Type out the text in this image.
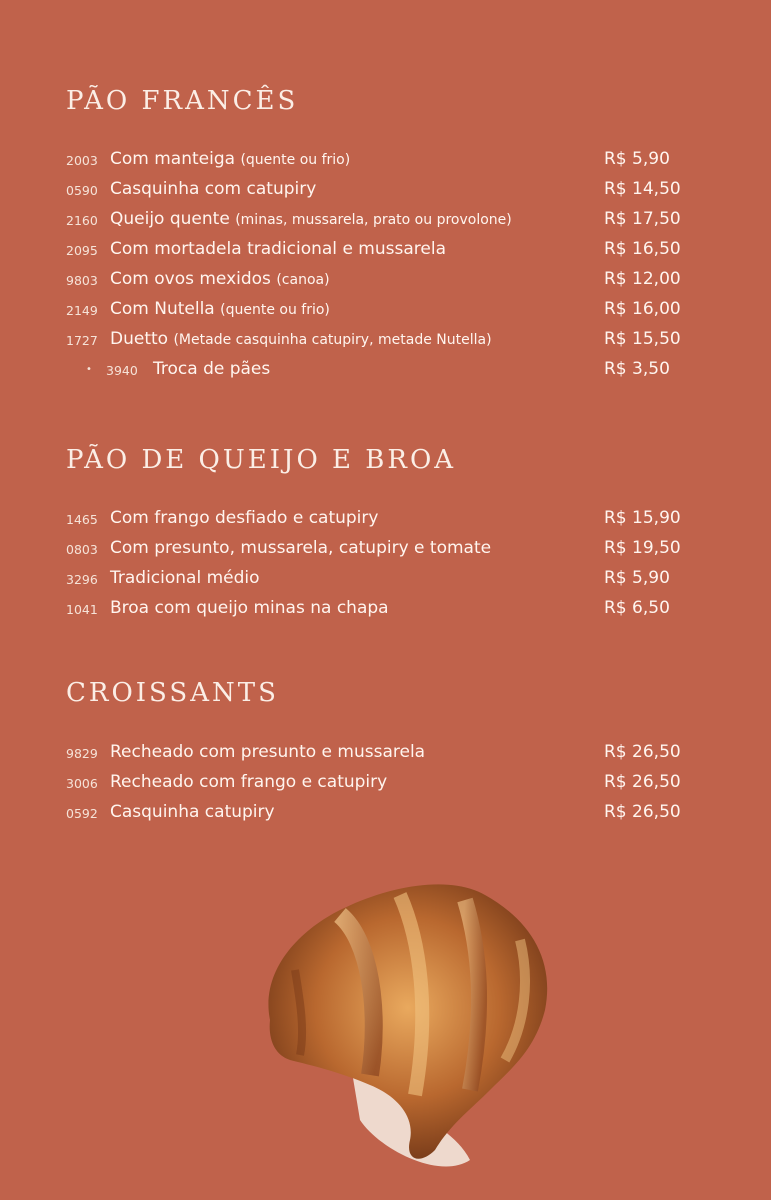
PÃO FRANCÊS
2003 Com manteiga (quente ou frio)	R$ 5,90
0590 Casquinha com catupiry	R$ 14,50
2160 Queijo quente (minas, mussarela, prato ou provolone)	R$ 17,50
2095 Com mortadela tradicional e mussarela	R$ 16,50
9803 Com ovos mexidos (canoa)	R$ 12,00
2149 Com Nutella (quente ou frio)	R$ 16,00
1727 Duetto (Metade casquinha catupiry, metade Nutella)	R$ 15,50
• 3940 Troca de pães	R$ 3,50
PÃO DE QUEIJO E BROA
1465 Com frango desfiado e catupiry	R$ 15,90
0803 Com presunto, mussarela, catupiry e tomate	R$ 19,50
3296 Tradicional médio	R$ 5,90
1041 Broa com queijo minas na chapa	R$ 6,50
CROISSANTS
9829 Recheado com presunto e mussarela	R$ 26,50
3006 Recheado com frango e catupiry	R$ 26,50
0592 Casquinha catupiry	R$ 26,50
